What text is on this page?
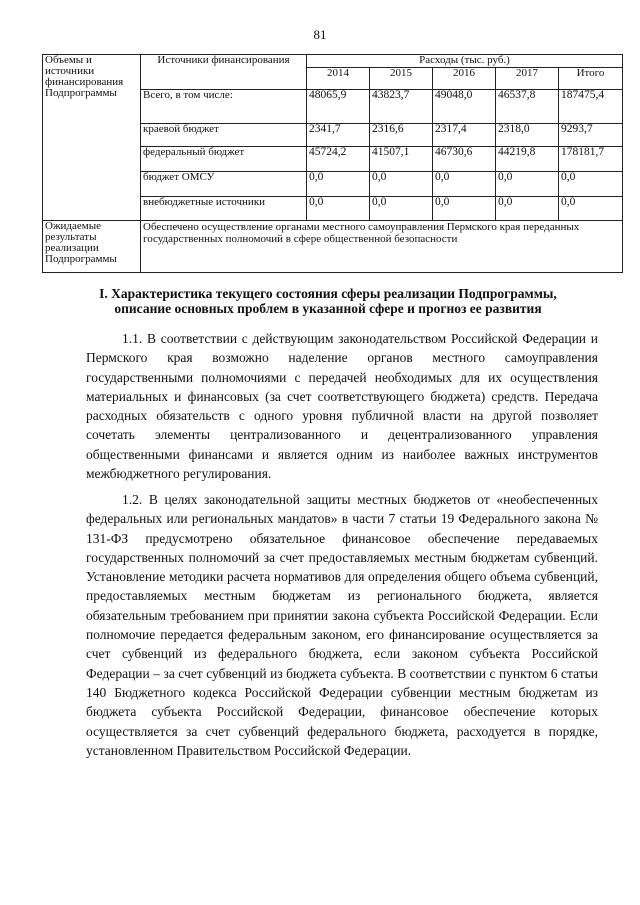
81
Объемы и источники финансирования Подпрограммы	Источники финансирования	Расходы (тыс. руб.)				
		2014	2015	2016	2017	Итого
	Всего, в том числе:	48065,9	43823,7	49048,0	46537,8	187475,4
	краевой бюджет	2341,7	2316,6	2317,4	2318,0	9293,7
	федеральный бюджет	45724,2	41507,1	46730,6	44219,8	178181,7
	бюджет ОМСУ	0,0	0,0	0,0	0,0	0,0
	внебюджетные источники	0,0	0,0	0,0	0,0	0,0
Ожидаемые результаты реализации Подпрограммы	Обеспечено осуществление органами местного самоуправления Пермского края переданных государственных полномочий в сфере общественной безопасности					
I. Характеристика текущего состояния сферы реализации Подпрограммы, описание основных проблем в указанной сфере и прогноз ее развития

1.1. В соответствии с действующим законодательством Российской Федерации и Пермского края возможно наделение органов местного самоуправления государственными полномочиями с передачей необходимых для их осуществления материальных и финансовых (за счет соответствующего бюджета) средств. Передача расходных обязательств с одного уровня публичной власти на другой позволяет сочетать элементы централизованного и децентрализованного управления общественными финансами и является одним из наиболее важных инструментов межбюджетного регулирования.

1.2. В целях законодательной защиты местных бюджетов от «необеспеченных федеральных или региональных мандатов» в части 7 статьи 19 Федерального закона № 131-ФЗ предусмотрено обязательное финансовое обеспечение передаваемых государственных полномочий за счет предоставляемых местным бюджетам субвенций. Установление методики расчета нормативов для определения общего объема субвенций, предоставляемых местным бюджетам из регионального бюджета, является обязательным требованием при принятии закона субъекта Российской Федерации. Если полномочие передается федеральным законом, его финансирование осуществляется за счет субвенций из федерального бюджета, если законом субъекта Российской Федерации – за счет субвенций из бюджета субъекта. В соответствии с пунктом 6 статьи 140 Бюджетного кодекса Российской Федерации субвенции местным бюджетам из бюджета субъекта Российской Федерации, финансовое обеспечение которых осуществляется за счет субвенций федерального бюджета, расходуется в порядке, установленном Правительством Российской Федерации.
